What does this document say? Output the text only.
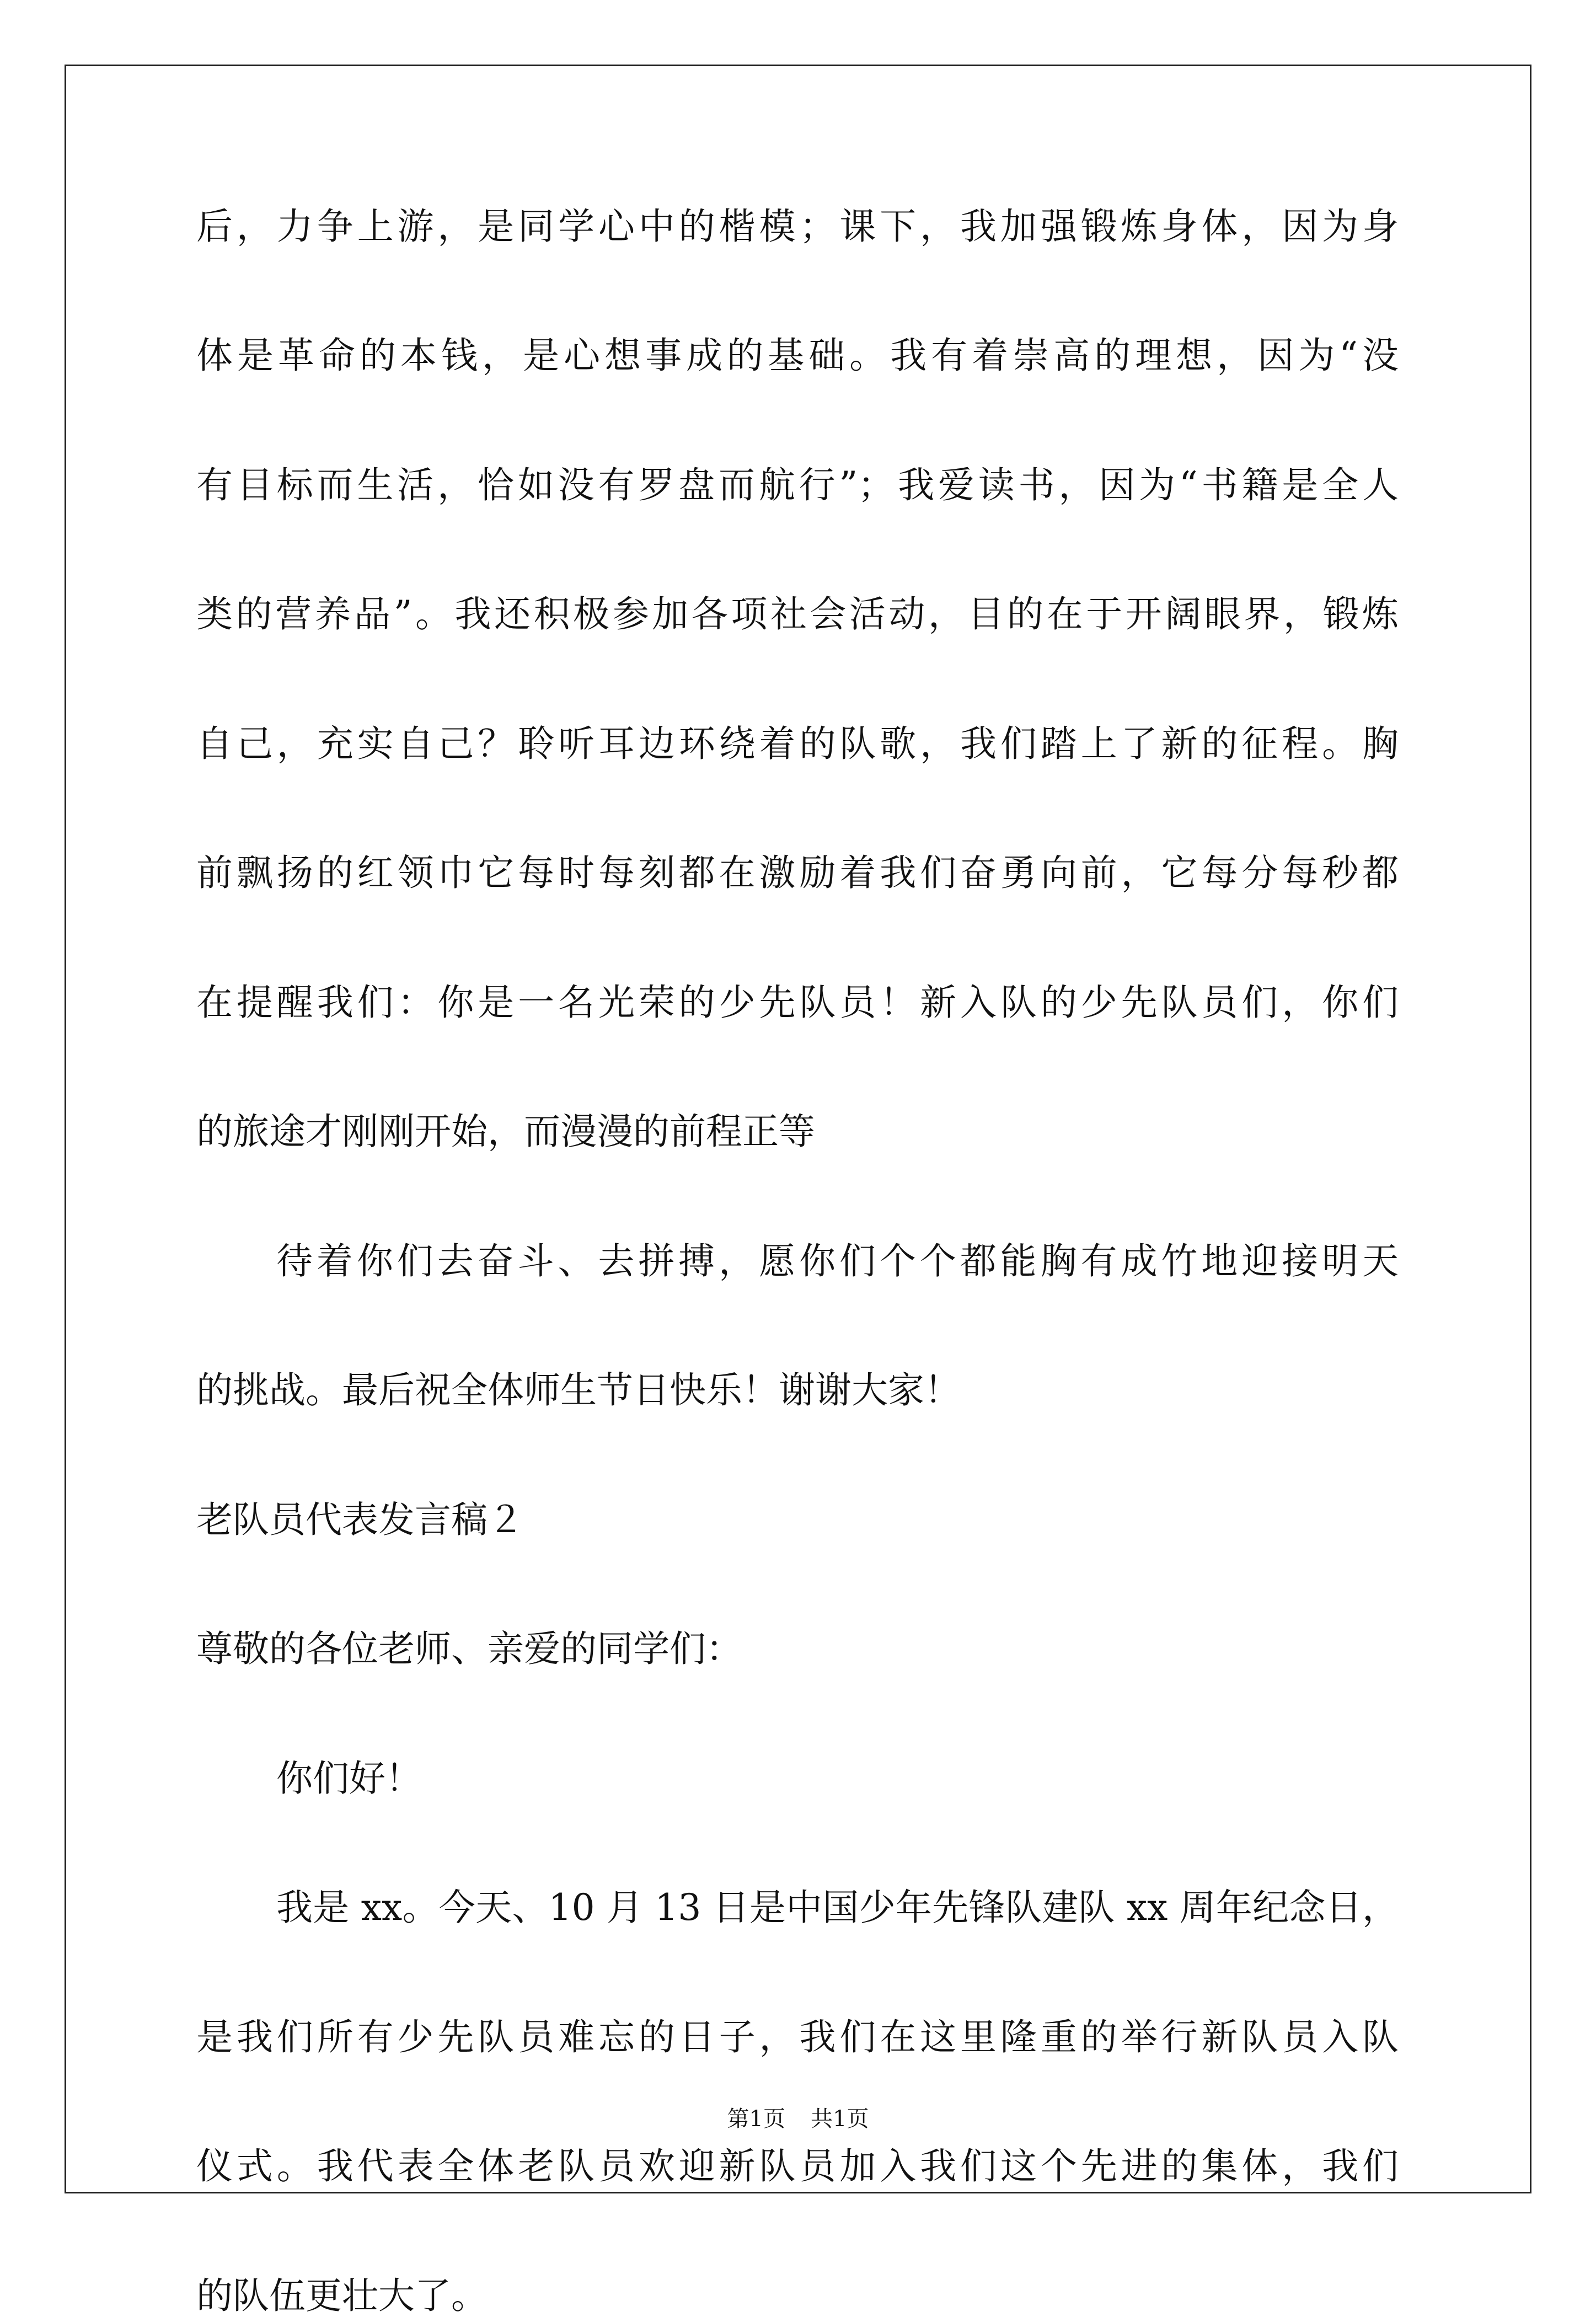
后，力争上游，是同学心中的楷模；课下，我加强锻炼身体，因为身
体是革命的本钱，是心想事成的基础。我有着崇高的理想，因为“没
有目标而生活，恰如没有罗盘而航行”；我爱读书，因为“书籍是全人
类的营养品”。我还积极参加各项社会活动，目的在于开阔眼界，锻炼
自己，充实自己？聆听耳边环绕着的队歌，我们踏上了新的征程。胸
前飘扬的红领巾它每时每刻都在激励着我们奋勇向前，它每分每秒都
在提醒我们：你是一名光荣的少先队员！新入队的少先队员们，你们
的旅途才刚刚开始，而漫漫的前程正等
待着你们去奋斗、去拼搏，愿你们个个都能胸有成竹地迎接明天
的挑战。最后祝全体师生节日快乐！谢谢大家！
老队员代表发言稿２
尊敬的各位老师、亲爱的同学们：
你们好！
我是 xx。今天、10 月 13 日是中国少年先锋队建队 xx 周年纪念日，
是我们所有少先队员难忘的日子，我们在这里隆重的举行新队员入队
仪式。我代表全体老队员欢迎新队员加入我们这个先进的集体，我们
的队伍更壮大了。
第1页 共1页
